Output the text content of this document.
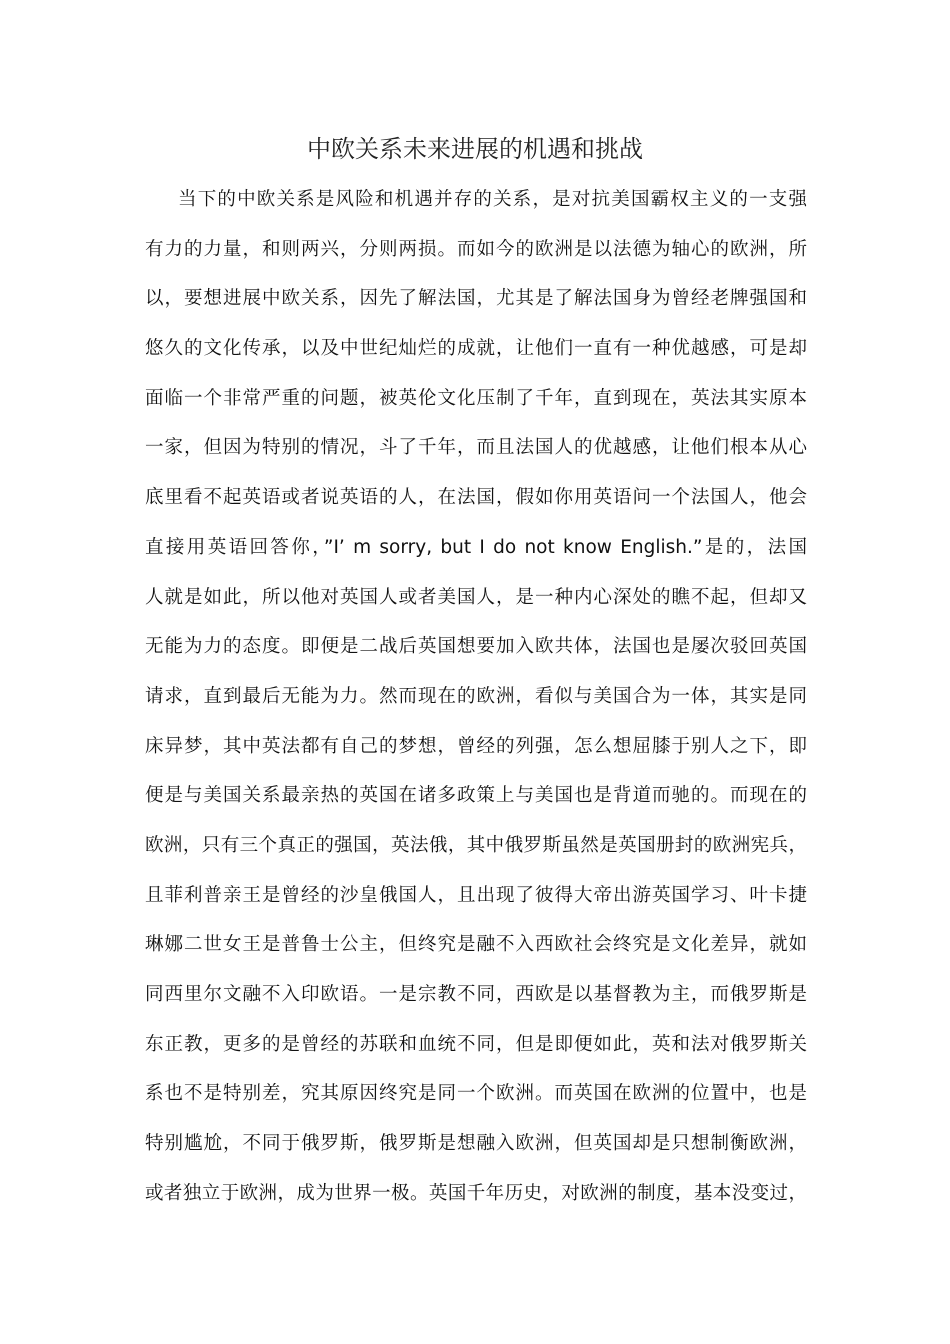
中欧关系未来进展的机遇和挑战
当下的中欧关系是风险和机遇并存的关系，是对抗美国霸权主义的一支强
有力的力量，和则两兴，分则两损。而如今的欧洲是以法德为轴心的欧洲，所
以，要想进展中欧关系，因先了解法国，尤其是了解法国身为曾经老牌强国和
悠久的文化传承，以及中世纪灿烂的成就，让他们一直有一种优越感，可是却
面临一个非常严重的问题，被英伦文化压制了千年，直到现在，英法其实原本
一家，但因为特别的情况，斗了千年，而且法国人的优越感，让他们根本从心
底里看不起英语或者说英语的人，在法国，假如你用英语问一个法国人，他会
直接用英语回答你，”I’ m sorry, but I do not know English.”是的，法国
人就是如此，所以他对英国人或者美国人，是一种内心深处的瞧不起，但却又
无能为力的态度。即便是二战后英国想要加入欧共体，法国也是屡次驳回英国
请求，直到最后无能为力。然而现在的欧洲，看似与美国合为一体，其实是同
床异梦，其中英法都有自己的梦想，曾经的列强，怎么想屈膝于别人之下，即
便是与美国关系最亲热的英国在诸多政策上与美国也是背道而驰的。而现在的
欧洲，只有三个真正的强国，英法俄，其中俄罗斯虽然是英国册封的欧洲宪兵，
且菲利普亲王是曾经的沙皇俄国人，且出现了彼得大帝出游英国学习、叶卡捷
琳娜二世女王是普鲁士公主，但终究是融不入西欧社会终究是文化差异，就如
同西里尔文融不入印欧语。一是宗教不同，西欧是以基督教为主，而俄罗斯是
东正教，更多的是曾经的苏联和血统不同，但是即便如此，英和法对俄罗斯关
系也不是特别差，究其原因终究是同一个欧洲。而英国在欧洲的位置中，也是
特别尴尬，不同于俄罗斯，俄罗斯是想融入欧洲，但英国却是只想制衡欧洲，
或者独立于欧洲，成为世界一极。英国千年历史，对欧洲的制度，基本没变过，
